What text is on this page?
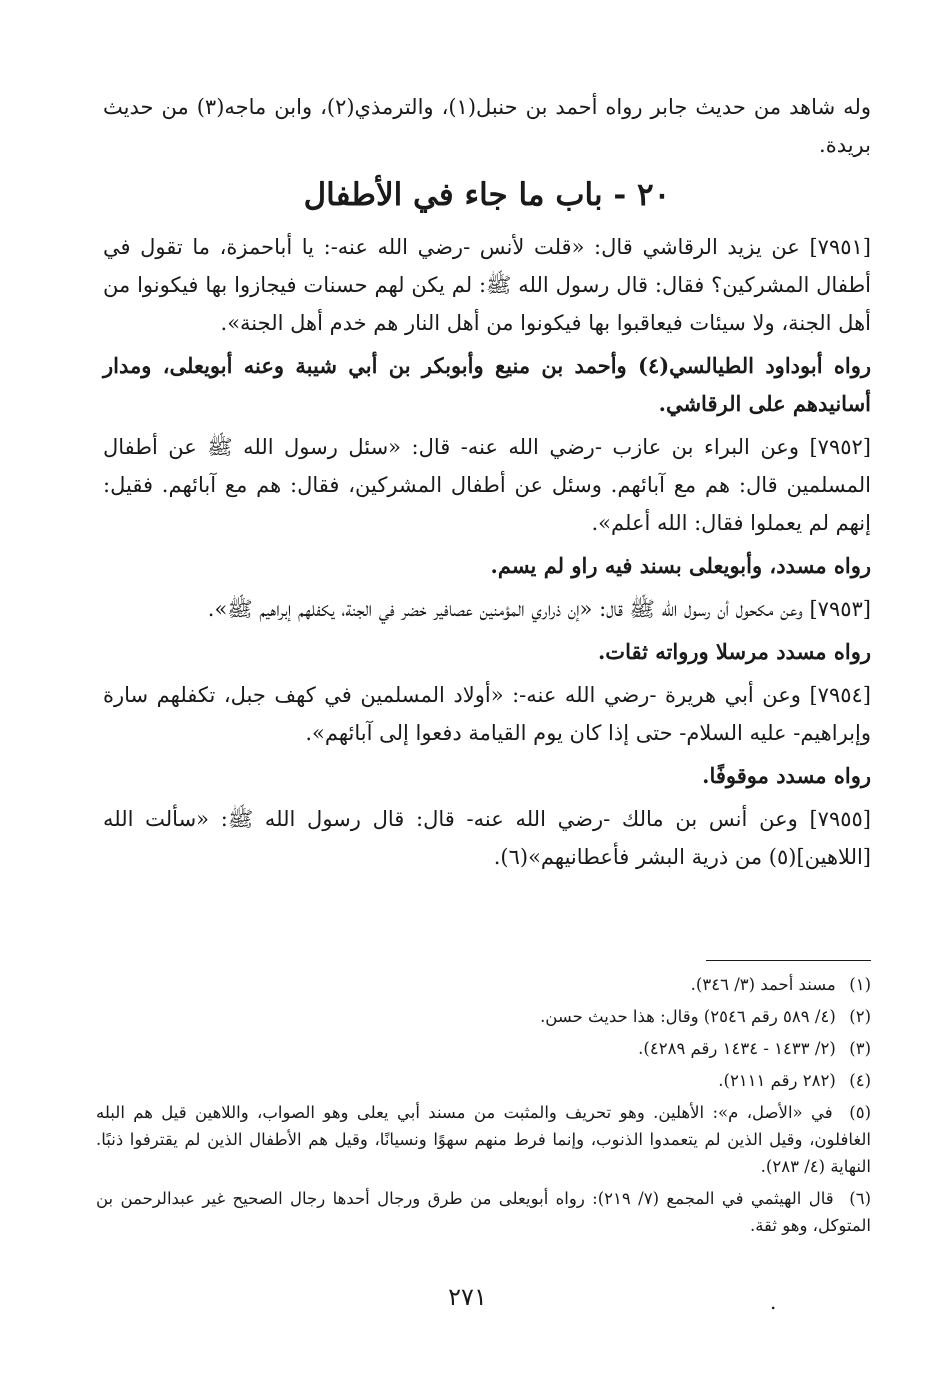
وله شاهد من حديث جابر رواه أحمد بن حنبل(١)، والترمذي(٢)، وابن ماجه(٣) من حديث بريدة.

٢٠ - باب ما جاء في الأطفال

[٧٩٥١] عن يزيد الرقاشي قال: «قلت لأنس -رضي الله عنه-: يا أباحمزة، ما تقول في أطفال المشركين؟ فقال: قال رسول الله ﷺ: لم يكن لهم حسنات فيجازوا بها فيكونوا من أهل الجنة، ولا سيئات فيعاقبوا بها فيكونوا من أهل النار هم خدم أهل الجنة».

رواه أبوداود الطيالسي(٤) وأحمد بن منيع وأبوبكر بن أبي شيبة وعنه أبويعلى، ومدار أسانيدهم على الرقاشي.

[٧٩٥٢] وعن البراء بن عازب -رضي الله عنه- قال: «سئل رسول الله ﷺ عن أطفال المسلمين قال: هم مع آبائهم. وسئل عن أطفال المشركين، فقال: هم مع آبائهم. فقيل: إنهم لم يعملوا فقال: الله أعلم».

رواه مسدد، وأبويعلى بسند فيه راو لم يسم.

[٧٩٥٣] وعن مكحول أن رسول الله ﷺ قال: «إن ذراري المؤمنين عصافير خضر في الجنة، يكفلهم إبراهيم ﷺ».

رواه مسدد مرسلا ورواته ثقات.

[٧٩٥٤] وعن أبي هريرة -رضي الله عنه-: «أولاد المسلمين في كهف جبل، تكفلهم سارة وإبراهيم- عليه السلام- حتى إذا كان يوم القيامة دفعوا إلى آبائهم».

رواه مسدد موقوفًا.

[٧٩٥٥] وعن أنس بن مالك -رضي الله عنه- قال: قال رسول الله ﷺ: «سألت الله [اللاهين](٥) من ذرية البشر فأعطانيهم»(٦).

(١) مسند أحمد (٣/ ٣٤٦).
(٢) (٤/ ٥٨٩ رقم ٢٥٤٦) وقال: هذا حديث حسن.
(٣) (٢/ ١٤٣٣ - ١٤٣٤ رقم ٤٢٨٩).
(٤) (٢٨٢ رقم ٢١١١).
(٥) في «الأصل، م»: الأهلين. وهو تحريف والمثبت من مسند أبي يعلى وهو الصواب، واللاهين قيل هم البله الغافلون، وقيل الذين لم يتعمدوا الذنوب، وإنما فرط منهم سهوًا ونسيانًا، وقيل هم الأطفال الذين لم يقترفوا ذنبًا. النهاية (٤/ ٢٨٣).
(٦) قال الهيثمي في المجمع (٧/ ٢١٩): رواه أبويعلى من طرق ورجال أحدها رجال الصحيح غير عبدالرحمن بن المتوكل، وهو ثقة.
٢٧١	.
